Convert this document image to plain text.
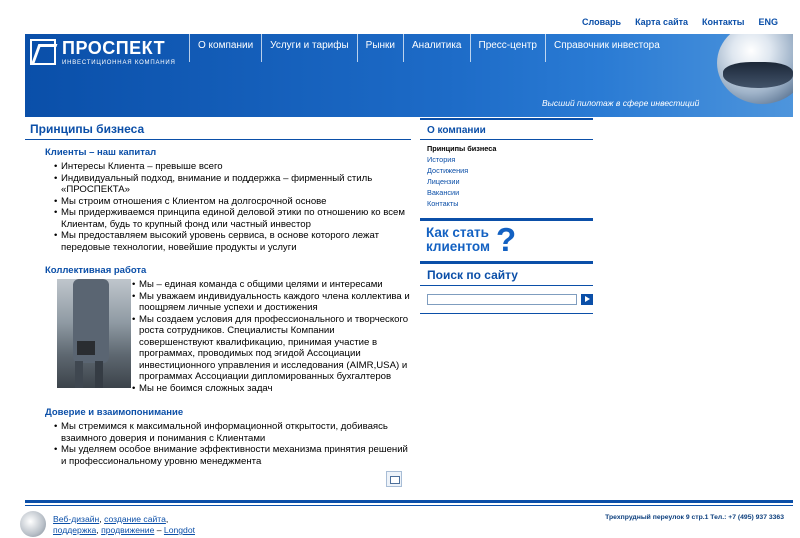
Словарь Карта сайта Контакты ENG
ПРОСПЕКТ
ИНВЕСТИЦИОННАЯ КОМПАНИЯ
О компании	Услуги и тарифы	Рынки	Аналитика	Пресс-центр	Справочник инвестора
Высший пилотаж в сфере инвестиций
Принципы бизнеса
Клиенты – наш капитал
• Интересы Клиента – превыше всего
• Индивидуальный подход, внимание и поддержка – фирменный стиль «ПРОСПЕКТА»
• Мы строим отношения с Клиентом на долгосрочной основе
• Мы придерживаемся принципа единой деловой этики по отношению ко всем Клиентам, будь то крупный фонд или частный инвестор
• Мы предоставляем высокий уровень сервиса, в основе которого лежат передовые технологии, новейшие продукты и услуги
Коллективная работа
• Мы – единая команда с общими целями и интересами
• Мы уважаем индивидуальность каждого члена коллектива и поощряем личные успехи и достижения
• Мы создаем условия для профессионального и творческого роста сотрудников. Специалисты Компании совершенствуют квалификацию, принимая участие в программах, проводимых под эгидой Ассоциации инвестиционного управления и исследования (AIMR,USA) и программах Ассоциации дипломированных бухгалтеров
• Мы не боимся сложных задач
Доверие и взаимопонимание
• Мы стремимся к максимальной информационной открытости, добиваясь взаимного доверия и понимания с Клиентами
• Мы уделяем особое внимание эффективности механизма принятия решений и профессиональному уровню менеджмента
О компании
Принципы бизнеса
История
Достижения
Лицензии
Вакансии
Контакты
Как стать
клиентом ?
Поиск по сайту
Веб-дизайн, создание сайта,
поддержка, продвижение – Longdot
Трехпрудный переулок 9 стр.1 Тел.: +7 (495) 937 3363
